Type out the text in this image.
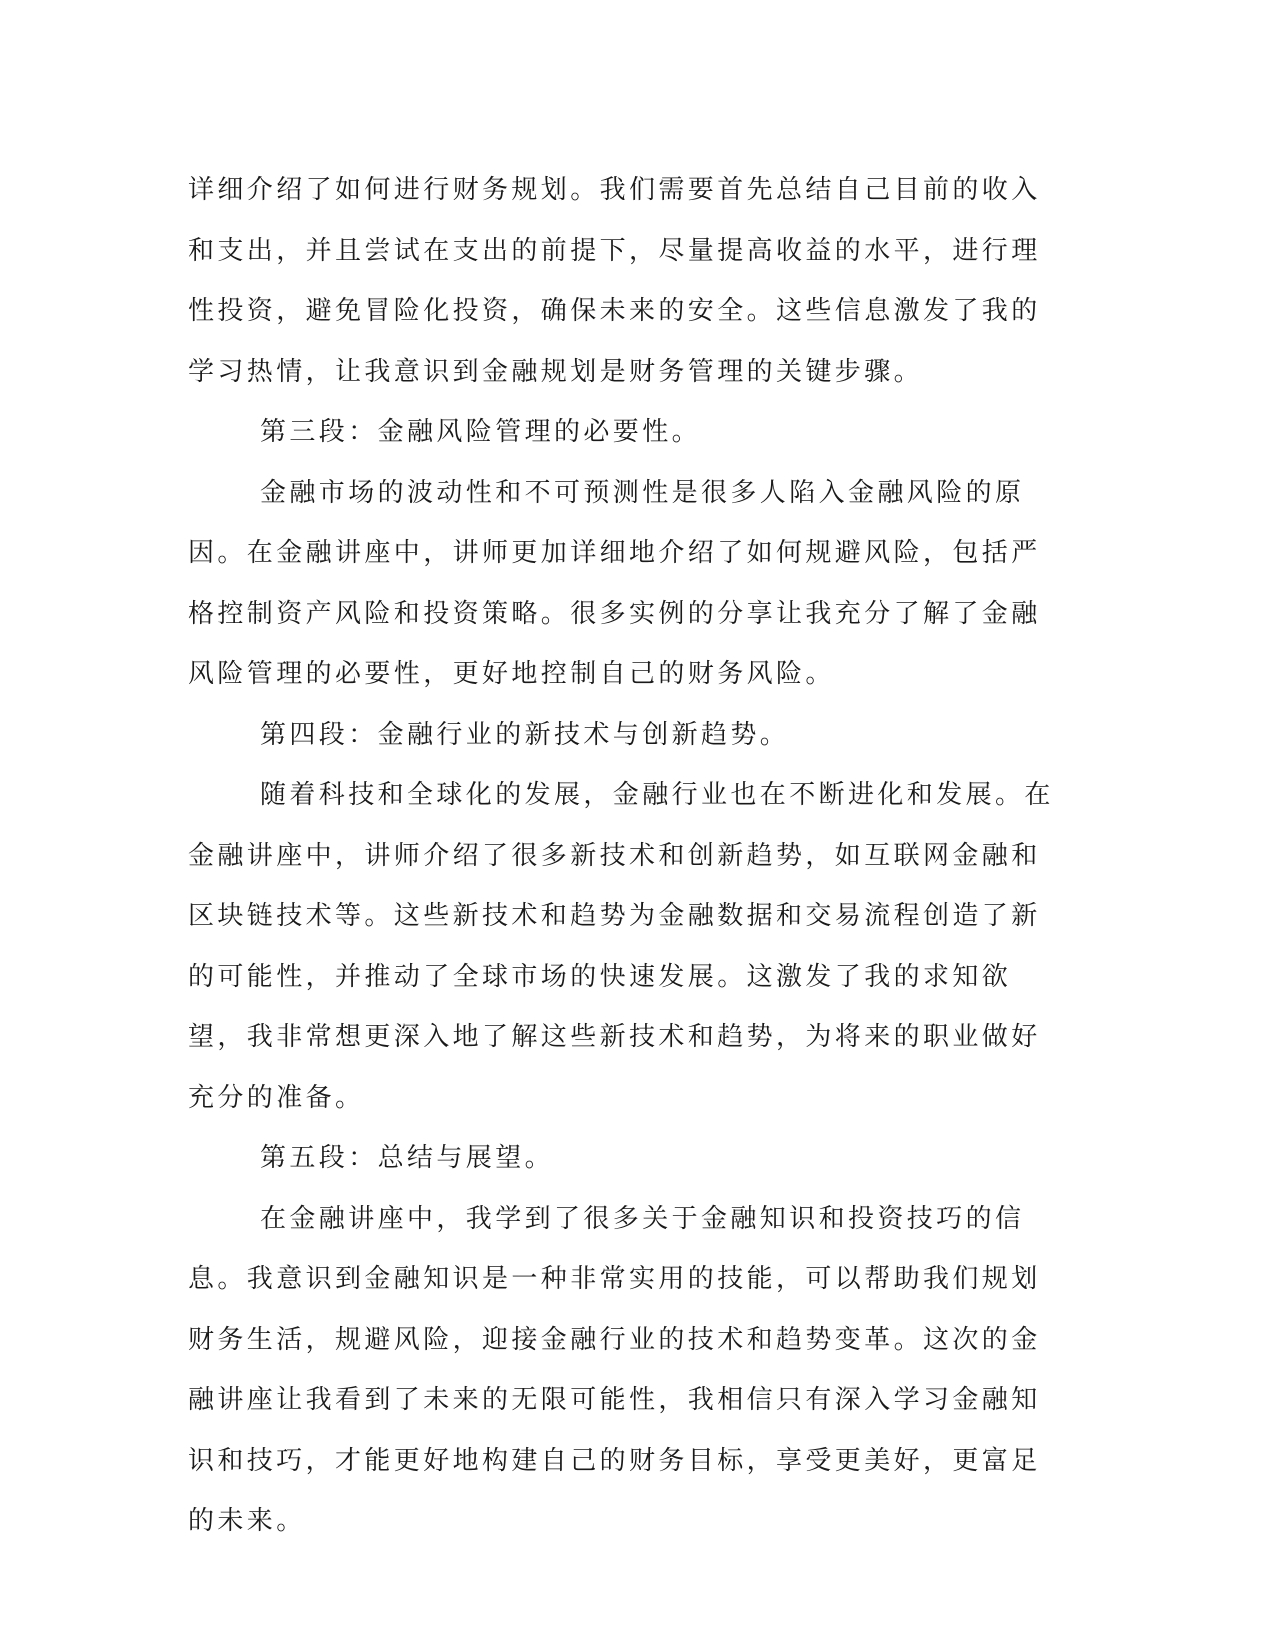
详细介绍了如何进行财务规划。我们需要首先总结自己目前的收入和支出，并且尝试在支出的前提下，尽量提高收益的水平，进行理性投资，避免冒险化投资，确保未来的安全。这些信息激发了我的学习热情，让我意识到金融规划是财务管理的关键步骤。

第三段：金融风险管理的必要性。

金融市场的波动性和不可预测性是很多人陷入金融风险的原因。在金融讲座中，讲师更加详细地介绍了如何规避风险，包括严格控制资产风险和投资策略。很多实例的分享让我充分了解了金融风险管理的必要性，更好地控制自己的财务风险。

第四段：金融行业的新技术与创新趋势。

随着科技和全球化的发展，金融行业也在不断进化和发展。在金融讲座中，讲师介绍了很多新技术和创新趋势，如互联网金融和区块链技术等。这些新技术和趋势为金融数据和交易流程创造了新的可能性，并推动了全球市场的快速发展。这激发了我的求知欲望，我非常想更深入地了解这些新技术和趋势，为将来的职业做好充分的准备。

第五段：总结与展望。

在金融讲座中，我学到了很多关于金融知识和投资技巧的信息。我意识到金融知识是一种非常实用的技能，可以帮助我们规划财务生活，规避风险，迎接金融行业的技术和趋势变革。这次的金融讲座让我看到了未来的无限可能性，我相信只有深入学习金融知识和技巧，才能更好地构建自己的财务目标，享受更美好，更富足的未来。
